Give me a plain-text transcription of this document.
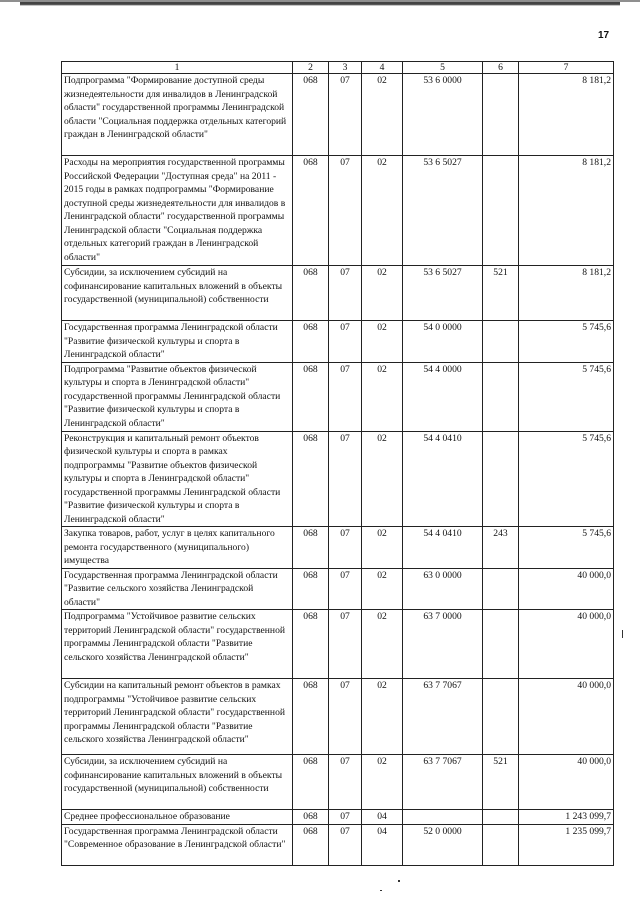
17
1	2	3	4	5	6	7
Подпрограмма "Формирование доступной среды жизнедеятельности для инвалидов в Ленинградской области" государственной программы Ленинградской области "Социальная поддержка отдельных категорий граждан в Ленинградской области"	068	07	02	53 6 0000		8 181,2
Расходы на мероприятия государственной программы Российской Федерации "Доступная среда" на 2011 - 2015 годы в рамках подпрограммы "Формирование доступной среды жизнедеятельности для инвалидов в Ленинградской области" государственной программы Ленинградской области "Социальная поддержка отдельных категорий граждан в Ленинградской области"	068	07	02	53 6 5027		8 181,2
Субсидии, за исключением субсидий на софинансирование капитальных вложений в объекты государственной (муниципальной) собственности	068	07	02	53 6 5027	521	8 181,2
Государственная программа Ленинградской области "Развитие физической культуры и спорта в Ленинградской области"	068	07	02	54 0 0000		5 745,6
Подпрограмма "Развитие объектов физической культуры и спорта в Ленинградской области" государственной программы Ленинградской области "Развитие физической культуры и спорта в Ленинградской области"	068	07	02	54 4 0000		5 745,6
Реконструкция и капитальный ремонт объектов физической культуры и спорта в рамках подпрограммы "Развитие объектов физической культуры и спорта в Ленинградской области" государственной программы Ленинградской области "Развитие физической культуры и спорта в Ленинградской области"	068	07	02	54 4 0410		5 745,6
Закупка товаров, работ, услуг в целях капитального ремонта государственного (муниципального) имущества	068	07	02	54 4 0410	243	5 745,6
Государственная программа Ленинградской области "Развитие сельского хозяйства Ленинградской области"	068	07	02	63 0 0000		40 000,0
Подпрограмма "Устойчивое развитие сельских территорий Ленинградской области" государственной программы Ленинградской области "Развитие сельского хозяйства Ленинградской области"	068	07	02	63 7 0000		40 000,0
Субсидии на капитальный ремонт объектов в рамках подпрограммы "Устойчивое развитие сельских территорий Ленинградской области" государственной программы Ленинградской области "Развитие сельского хозяйства Ленинградской области"	068	07	02	63 7 7067		40 000,0
Субсидии, за исключением субсидий на софинансирование капитальных вложений в объекты государственной (муниципальной) собственности	068	07	02	63 7 7067	521	40 000,0
Среднее профессиональное образование	068	07	04			1 243 099,7
Государственная программа Ленинградской области "Современное образование в Ленинградской области"	068	07	04	52 0 0000		1 235 099,7
